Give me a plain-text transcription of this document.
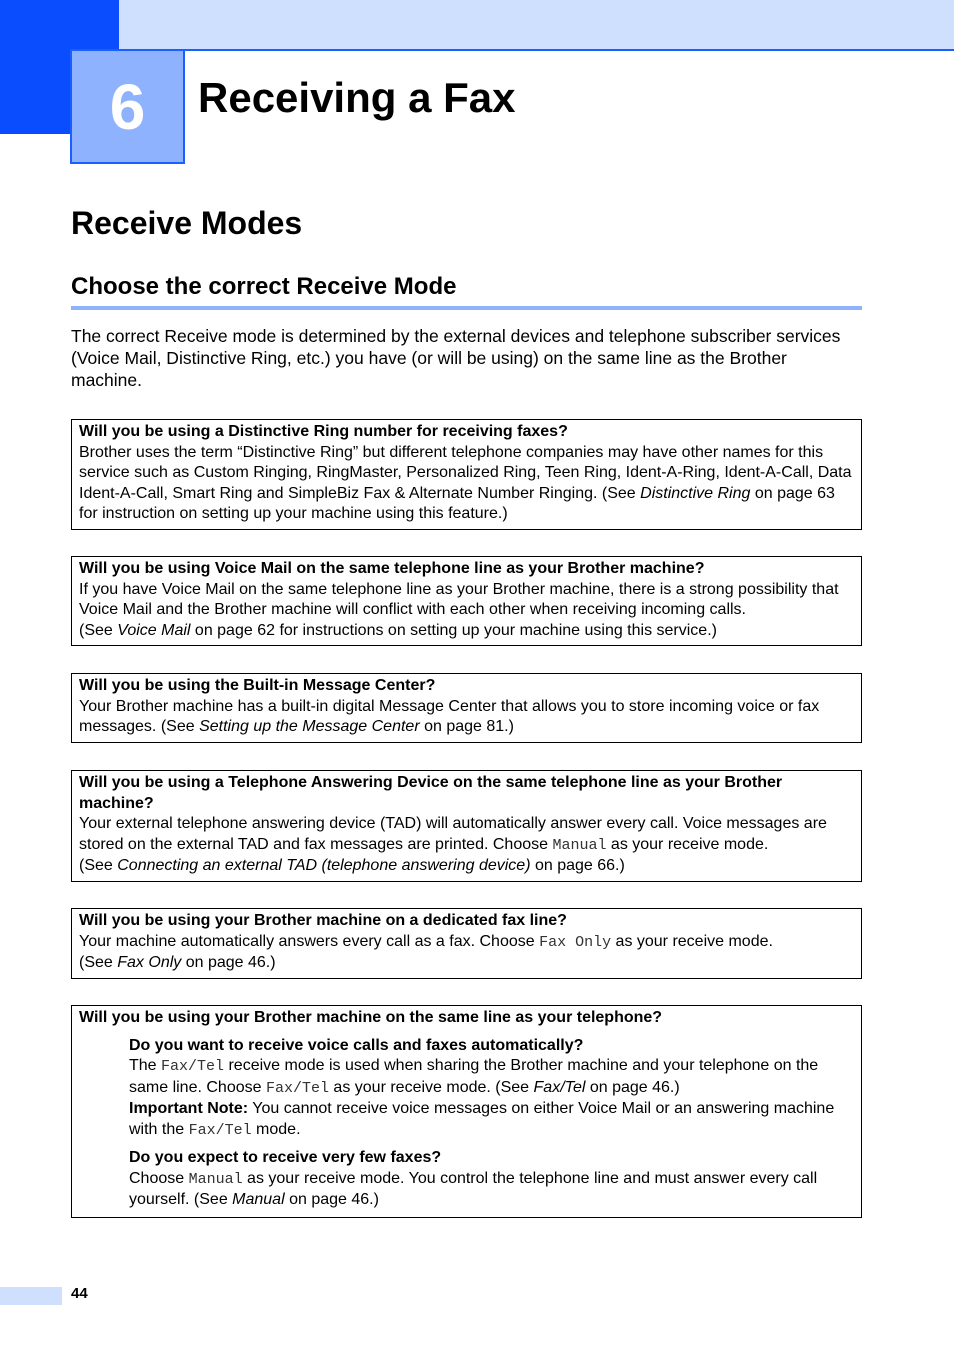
6 Receiving a Fax
Receive Modes
Choose the correct Receive Mode

The correct Receive mode is determined by the external devices and telephone subscriber services (Voice Mail, Distinctive Ring, etc.) you have (or will be using) on the same line as the Brother machine.

Will you be using a Distinctive Ring number for receiving faxes?
Brother uses the term “Distinctive Ring” but different telephone companies may have other names for this service such as Custom Ringing, RingMaster, Personalized Ring, Teen Ring, Ident-A-Ring, Ident-A-Call, Data Ident-A-Call, Smart Ring and SimpleBiz Fax & Alternate Number Ringing. (See Distinctive Ring on page 63 for instruction on setting up your machine using this feature.)
Will you be using Voice Mail on the same telephone line as your Brother machine?
If you have Voice Mail on the same telephone line as your Brother machine, there is a strong possibility that Voice Mail and the Brother machine will conflict with each other when receiving incoming calls.
(See Voice Mail on page 62 for instructions on setting up your machine using this service.)
Will you be using the Built-in Message Center?
Your Brother machine has a built-in digital Message Center that allows you to store incoming voice or fax messages. (See Setting up the Message Center on page 81.)
Will you be using a Telephone Answering Device on the same telephone line as your Brother machine?
Your external telephone answering device (TAD) will automatically answer every call. Voice messages are stored on the external TAD and fax messages are printed. Choose Manual as your receive mode.
(See Connecting an external TAD (telephone answering device) on page 66.)
Will you be using your Brother machine on a dedicated fax line?
Your machine automatically answers every call as a fax. Choose Fax Only as your receive mode.
(See Fax Only on page 46.)
Will you be using your Brother machine on the same line as your telephone?
Do you want to receive voice calls and faxes automatically?
The Fax/Tel receive mode is used when sharing the Brother machine and your telephone on the same line. Choose Fax/Tel as your receive mode. (See Fax/Tel on page 46.)
Important Note: You cannot receive voice messages on either Voice Mail or an answering machine with the Fax/Tel mode.
Do you expect to receive very few faxes?
Choose Manual as your receive mode. You control the telephone line and must answer every call yourself. (See Manual on page 46.)
44
